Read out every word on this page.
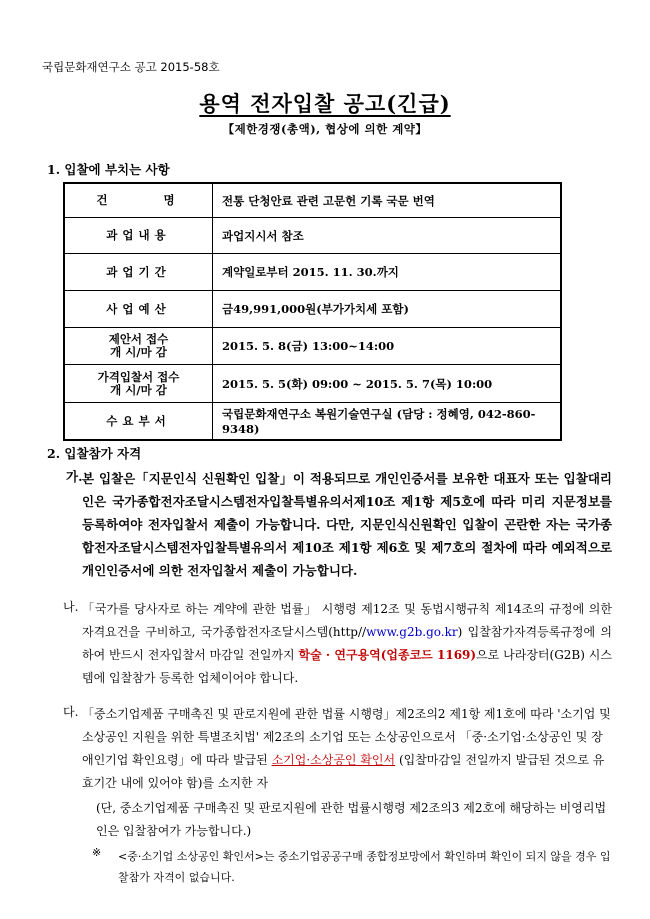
국립문화재연구소 공고 2015-58호
용역 전자입찰 공고(긴급)
【제한경쟁(총액), 협상에 의한 계약】
1. 입찰에 부치는 사항
건 명	전통 단청안료 관련 고문헌 기록 국문 번역
과업내용	과업지시서 참조
과업기간	계약일로부터 2015. 11. 30.까지
사업예산	금49,991,000원(부가가치세 포함)

제안서 접수
개 시/마 감	2015. 5. 8(금) 13:00~14:00

가격입찰서 접수
개 시/마 감	2015. 5. 5(화) 09:00 ~ 2015. 5. 7(목) 10:00
수요부서	국립문화재연구소 복원기술연구실 (담당 : 정혜영, 042-860-9348)
2. 입찰참가 자격
가. 본 입찰은「지문인식 신원확인 입찰」이 적용되므로 개인인증서를 보유한 대표자 또는 입찰대리인은 국가종합전자조달시스템전자입찰특별유의서제10조 제1항 제5호에 따라 미리 지문정보를 등록하여야 전자입찰서 제출이 가능합니다. 다만, 지문인식신원확인 입찰이 곤란한 자는 국가종합전자조달시스템전자입찰특별유의서 제10조 제1항 제6호 및 제7호의 절차에 따라 예외적으로 개인인증서에 의한 전자입찰서 제출이 가능합니다.
나. 「국가를 당사자로 하는 계약에 관한 법률」 시행령 제12조 및 동법시행규칙 제14조의 규정에 의한 자격요건을 구비하고, 국가종합전자조달시스템(http//www.g2b.go.kr) 입찰참가자격등록규정에 의하여 반드시 전자입찰서 마감일 전일까지 학술 · 연구용역(업종코드 1169)으로 나라장터(G2B) 시스템에 입찰참가 등록한 업체이어야 합니다.
다. 「중소기업제품 구매촉진 및 판로지원에 관한 법률 시행령」제2조의2 제1항 제1호에 따라 '소기업 및 소상공인 지원을 위한 특별조치법' 제2조의 소기업 또는 소상공인으로서 「중·소기업·소상공인 및 장애인기업 확인요령」에 따라 발급된 소기업·소상공인 확인서 (입찰마감일 전일까지 발급된 것으로 유효기간 내에 있어야 함)를 소지한 자
(단, 중소기업제품 구매촉진 및 판로지원에 관한 법률시행령 제2조의3 제2호에 해당하는 비영리법인은 입찰참여가 가능합니다.)
※ <중·소기업 소상공인 확인서>는 중소기업공공구매 종합정보망에서 확인하며 확인이 되지 않을 경우 입찰참가 자격이 없습니다.
